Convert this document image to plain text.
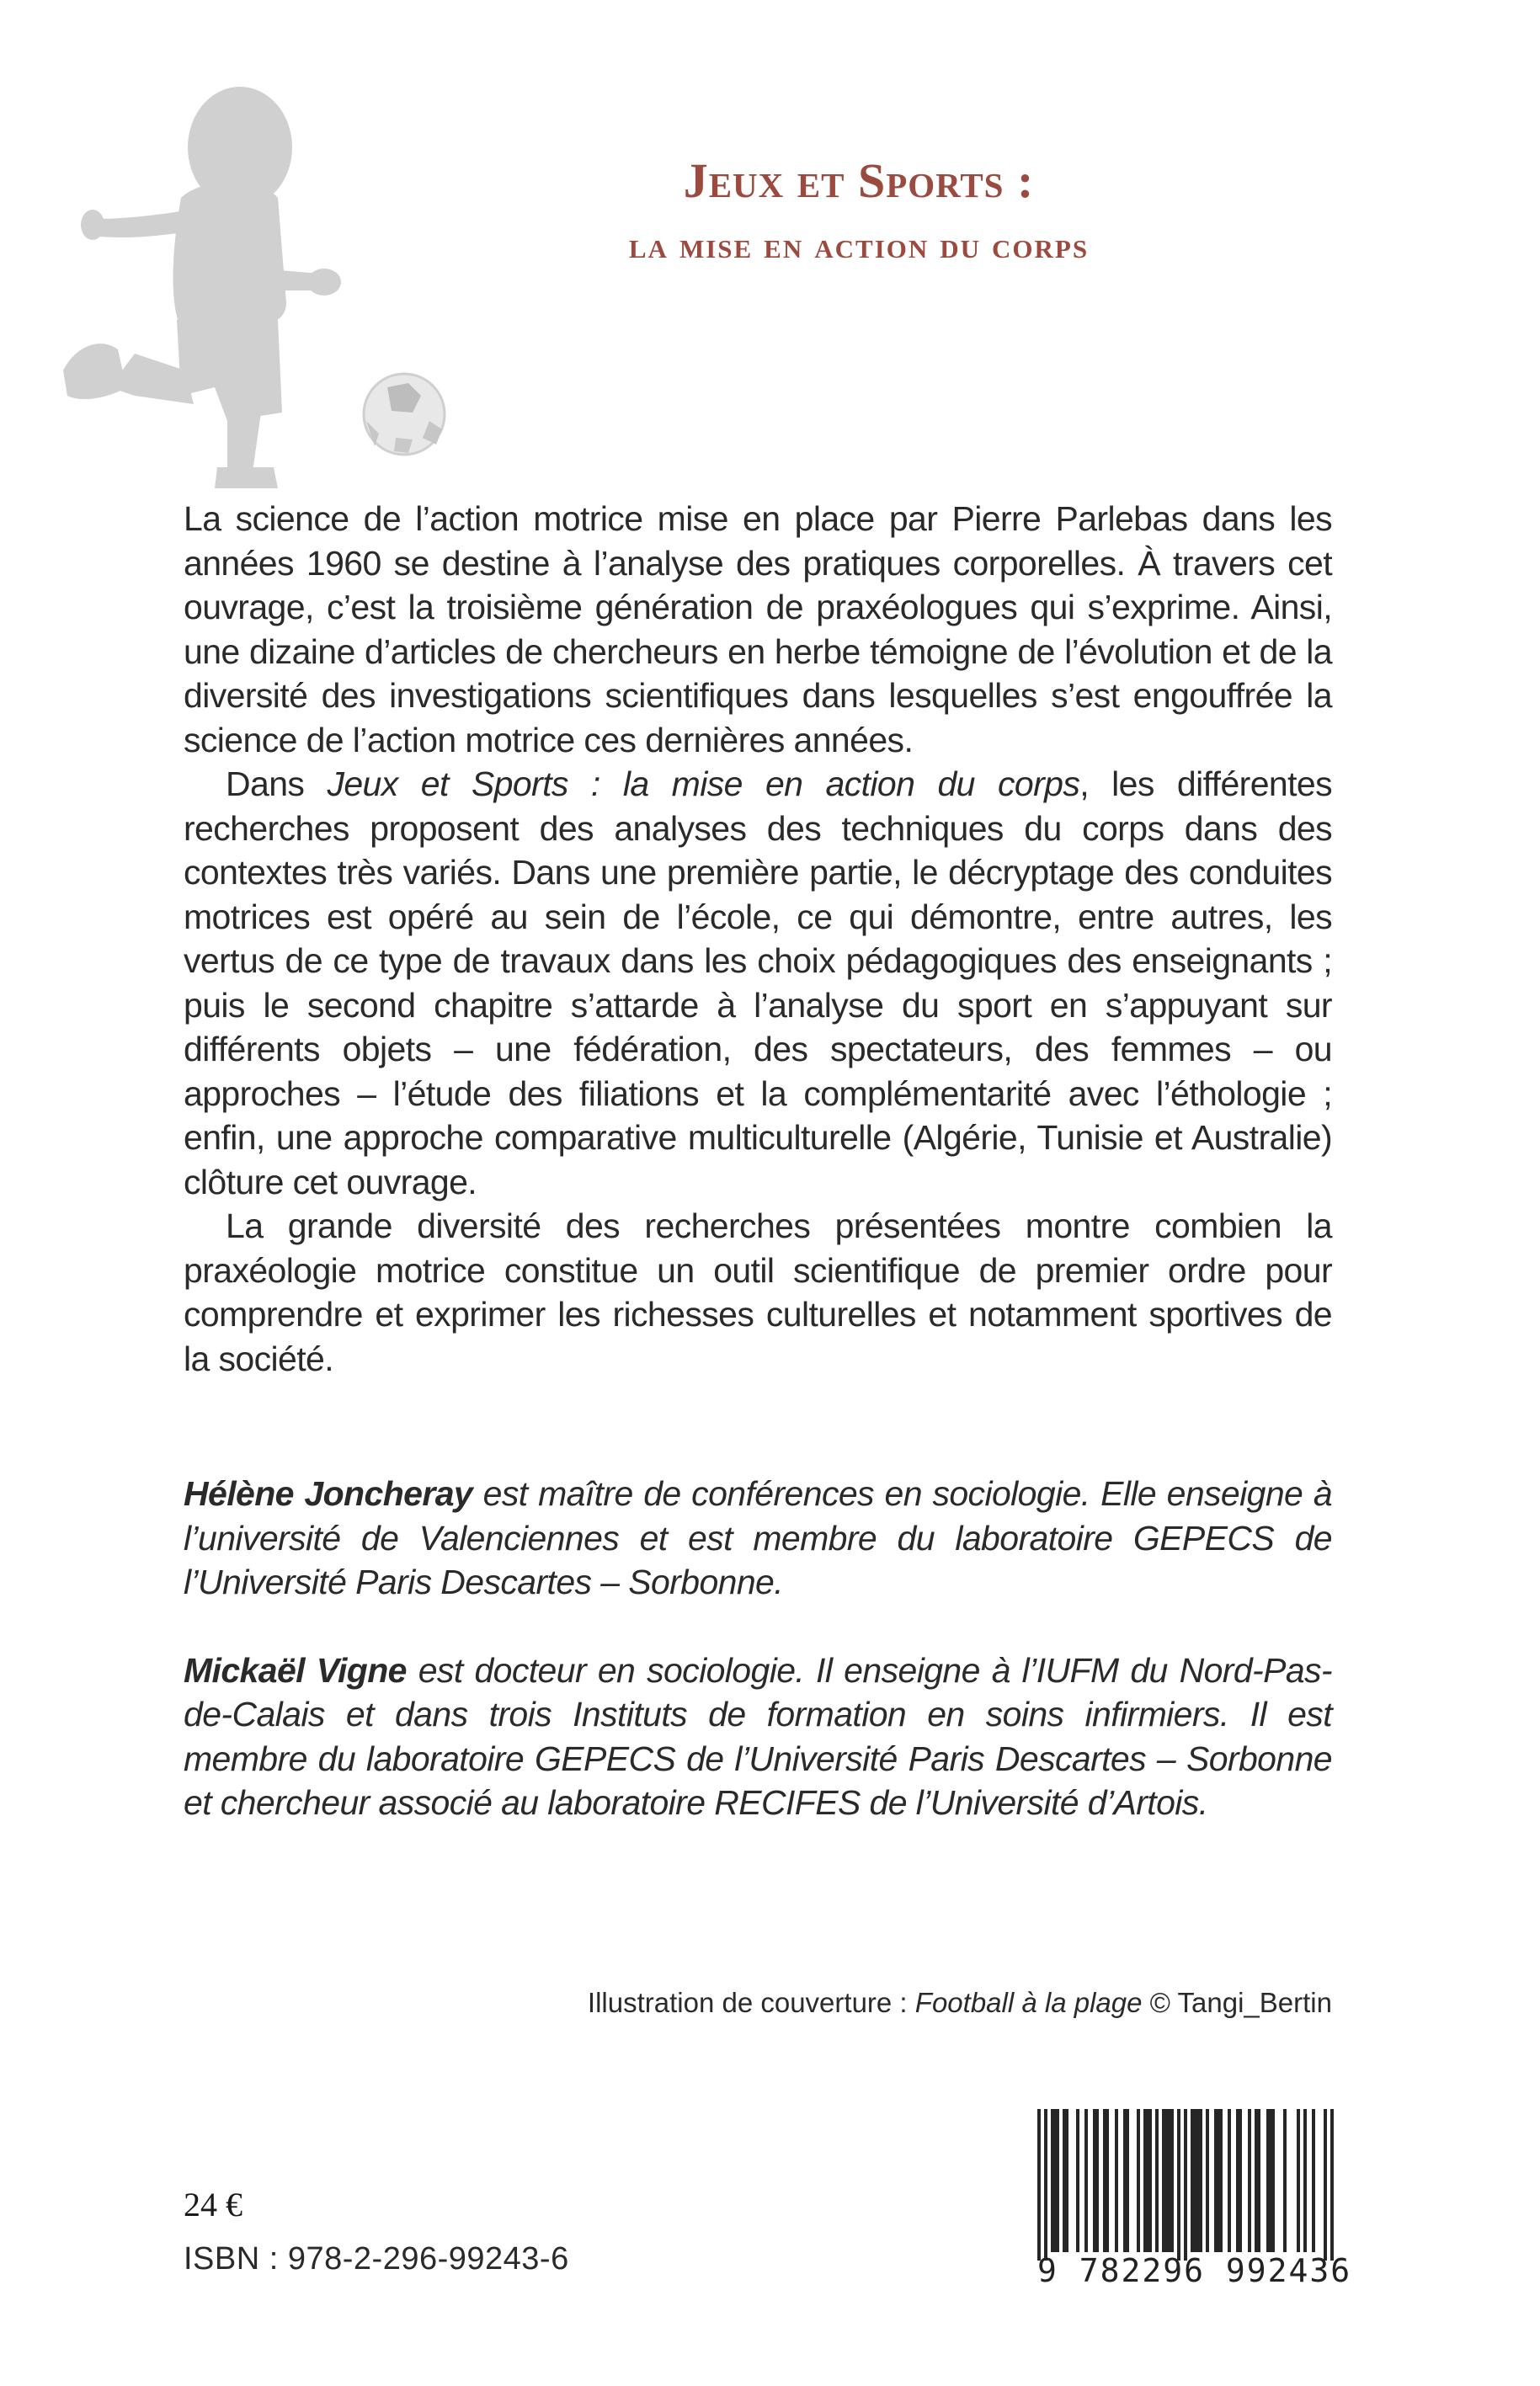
Jeux et Sports :
la mise en action du corps

La science de l’action motrice mise en place par Pierre Parlebas dans les années 1960 se destine à l’analyse des pratiques corporelles. À travers cet ouvrage, c’est la troisième génération de praxéologues qui s’exprime. Ainsi, une dizaine d’articles de chercheurs en herbe témoigne de l’évolution et de la diversité des investigations scientifiques dans lesquelles s’est engouffrée la science de l’action motrice ces dernières années.

Dans Jeux et Sports : la mise en action du corps, les différentes recherches proposent des analyses des techniques du corps dans des contextes très variés. Dans une première partie, le décryptage des conduites motrices est opéré au sein de l’école, ce qui démontre, entre autres, les vertus de ce type de travaux dans les choix pédagogiques des enseignants ; puis le second chapitre s’attarde à l’analyse du sport en s’appuyant sur différents objets – une fédération, des spectateurs, des femmes – ou approches – l’étude des filiations et la complémentarité avec l’éthologie ; enfin, une approche comparative multiculturelle (Algérie, Tunisie et Australie) clôture cet ouvrage.

La grande diversité des recherches présentées montre combien la praxéologie motrice constitue un outil scientifique de premier ordre pour comprendre et exprimer les richesses culturelles et notamment sportives de la société.

Hélène Joncheray est maître de conférences en sociologie. Elle enseigne à l’université de Valenciennes et est membre du laboratoire GEPECS de l’Université Paris Descartes – Sorbonne.

Mickaël Vigne est docteur en sociologie. Il enseigne à l’IUFM du Nord-Pas-de-Calais et dans trois Instituts de formation en soins infirmiers. Il est membre du laboratoire GEPECS de l’Université Paris Descartes – Sorbonne et chercheur associé au laboratoire RECIFES de l’Université d’Artois.

Illustration de couverture : Football à la plage © Tangi_Bertin
24 €
ISBN : 978-2-296-99243-6	9 782296 992436
